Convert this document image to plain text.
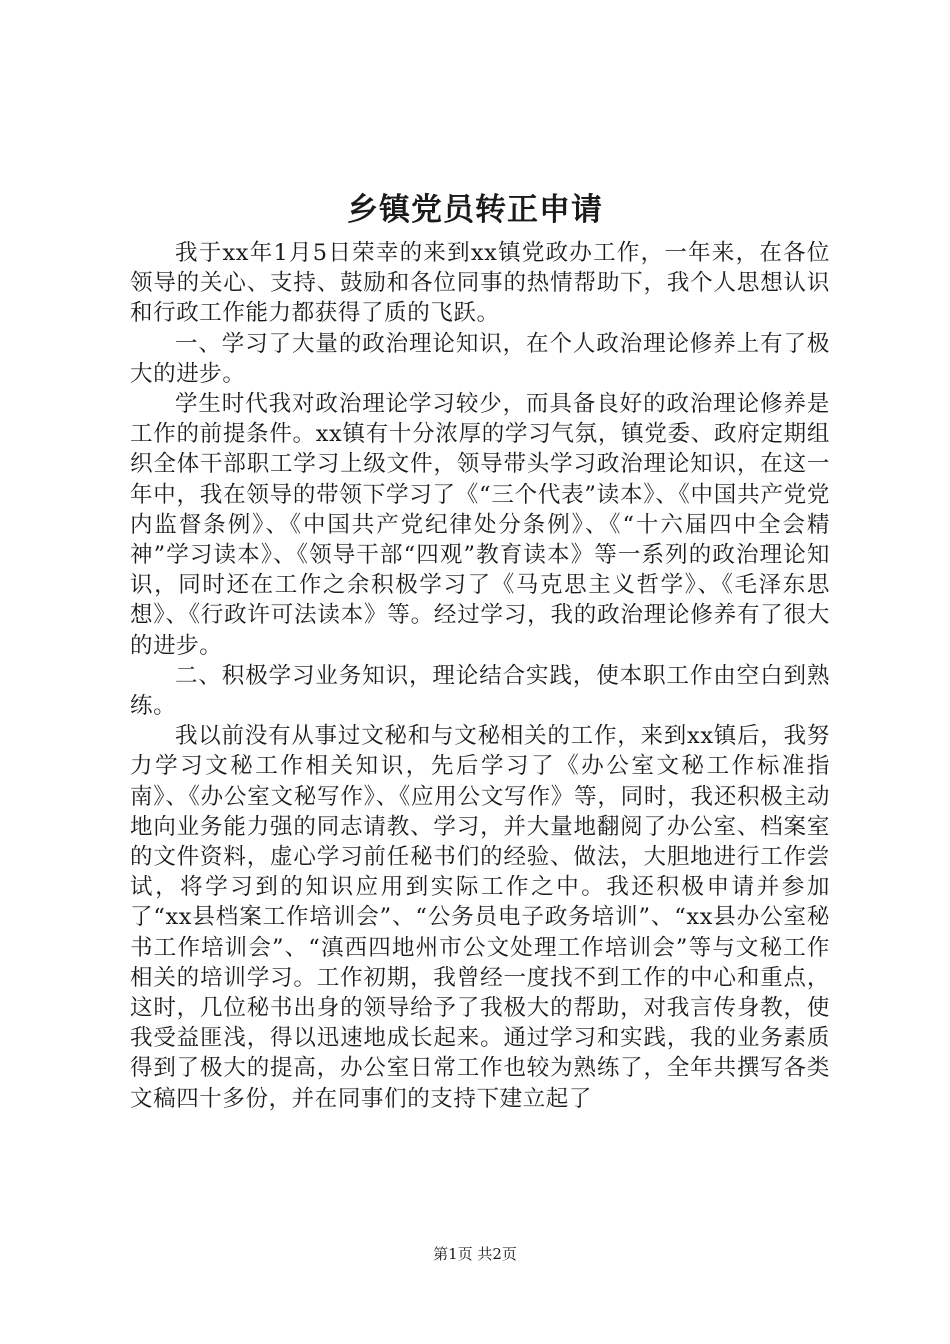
乡镇党员转正申请

我于xx年1月5日荣幸的来到xx镇党政办工作，一年来，在各位领导的关心、支持、鼓励和各位同事的热情帮助下，我个人思想认识和行政工作能力都获得了质的飞跃。

一、学习了大量的政治理论知识，在个人政治理论修养上有了极大的进步。

学生时代我对政治理论学习较少，而具备良好的政治理论修养是工作的前提条件。xx镇有十分浓厚的学习气氛，镇党委、政府定期组织全体干部职工学习上级文件，领导带头学习政治理论知识，在这一年中，我在领导的带领下学习了《“三个代表”读本》、《中国共产党党内监督条例》、《中国共产党纪律处分条例》、《“十六届四中全会精神”学习读本》、《领导干部“四观”教育读本》等一系列的政治理论知识，同时还在工作之余积极学习了《马克思主义哲学》、《毛泽东思想》、《行政许可法读本》等。经过学习，我的政治理论修养有了很大的进步。

二、积极学习业务知识，理论结合实践，使本职工作由空白到熟练。

我以前没有从事过文秘和与文秘相关的工作，来到xx镇后，我努力学习文秘工作相关知识，先后学习了《办公室文秘工作标准指南》、《办公室文秘写作》、《应用公文写作》等，同时，我还积极主动地向业务能力强的同志请教、学习，并大量地翻阅了办公室、档案室的文件资料，虚心学习前任秘书们的经验、做法，大胆地进行工作尝试，将学习到的知识应用到实际工作之中。我还积极申请并参加了“xx县档案工作培训会”、“公务员电子政务培训”、“xx县办公室秘书工作培训会”、“滇西四地州市公文处理工作培训会”等与文秘工作相关的培训学习。工作初期，我曾经一度找不到工作的中心和重点，这时，几位秘书出身的领导给予了我极大的帮助，对我言传身教，使我受益匪浅，得以迅速地成长起来。通过学习和实践，我的业务素质得到了极大的提高，办公室日常工作也较为熟练了，全年共撰写各类文稿四十多份，并在同事们的支持下建立起了

第1页 共2页
